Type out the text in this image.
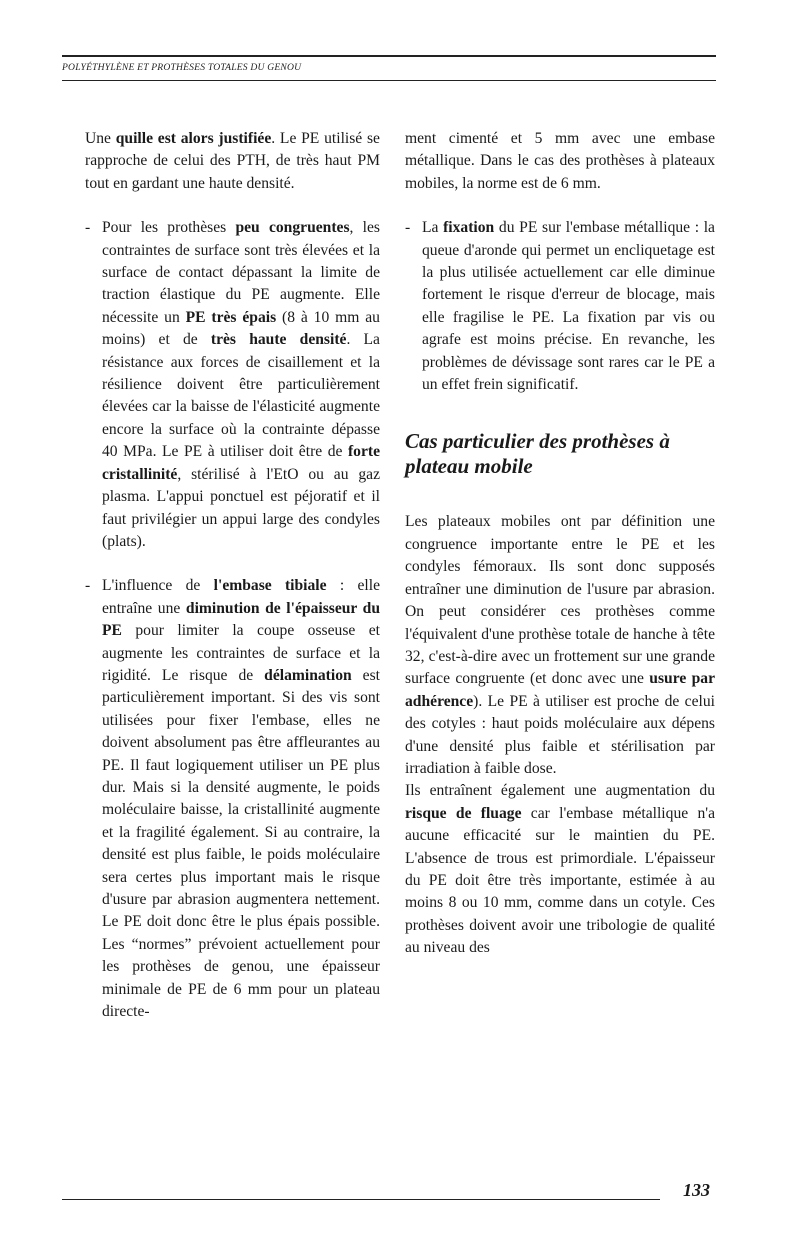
POLYÉTHYLÈNE ET PROTHÈSES TOTALES DU GENOU

Une quille est alors justifiée. Le PE utilisé se rapproche de celui des PTH, de très haut PM tout en gardant une haute densité.

- Pour les prothèses peu congruentes, les contraintes de surface sont très élevées et la surface de contact dépassant la limite de traction élastique du PE augmente. Elle nécessite un PE très épais (8 à 10 mm au moins) et de très haute densité. La résistance aux forces de cisaillement et la résilience doivent être particulièrement élevées car la baisse de l'élasticité augmente encore la surface où la contrainte dépasse 40 MPa. Le PE à utiliser doit être de forte cristallinité, stérilisé à l'EtO ou au gaz plasma. L'appui ponctuel est péjoratif et il faut privilégier un appui large des condyles (plats).

- L'influence de l'embase tibiale : elle entraîne une diminution de l'épaisseur du PE pour limiter la coupe osseuse et augmente les contraintes de surface et la rigidité. Le risque de délamination est particulièrement important. Si des vis sont utilisées pour fixer l'embase, elles ne doivent absolument pas être affleurantes au PE. Il faut logiquement utiliser un PE plus dur. Mais si la densité augmente, le poids moléculaire baisse, la cristallinité augmente et la fragilité également. Si au contraire, la densité est plus faible, le poids moléculaire sera certes plus important mais le risque d'usure par abrasion augmentera nettement. Le PE doit donc être le plus épais possible. Les “normes” prévoient actuellement pour les prothèses de genou, une épaisseur minimale de PE de 6 mm pour un plateau directe-

ment cimenté et 5 mm avec une embase métallique. Dans le cas des prothèses à plateaux mobiles, la norme est de 6 mm.

- La fixation du PE sur l'embase métallique : la queue d'aronde qui permet un encliquetage est la plus utilisée actuellement car elle diminue fortement le risque d'erreur de blocage, mais elle fragilise le PE. La fixation par vis ou agrafe est moins précise. En revanche, les problèmes de dévissage sont rares car le PE a un effet frein significatif.

Cas particulier des prothèses à plateau mobile

Les plateaux mobiles ont par définition une congruence importante entre le PE et les condyles fémoraux. Ils sont donc supposés entraîner une diminution de l'usure par abrasion. On peut considérer ces prothèses comme l'équivalent d'une prothèse totale de hanche à tête 32, c'est-à-dire avec un frottement sur une grande surface congruente (et donc avec une usure par adhérence). Le PE à utiliser est proche de celui des cotyles : haut poids moléculaire aux dépens d'une densité plus faible et stérilisation par irradiation à faible dose.

Ils entraînent également une augmentation du risque de fluage car l'embase métallique n'a aucune efficacité sur le maintien du PE. L'absence de trous est primordiale. L'épaisseur du PE doit être très importante, estimée à au moins 8 ou 10 mm, comme dans un cotyle. Ces prothèses doivent avoir une tribologie de qualité au niveau des

133
